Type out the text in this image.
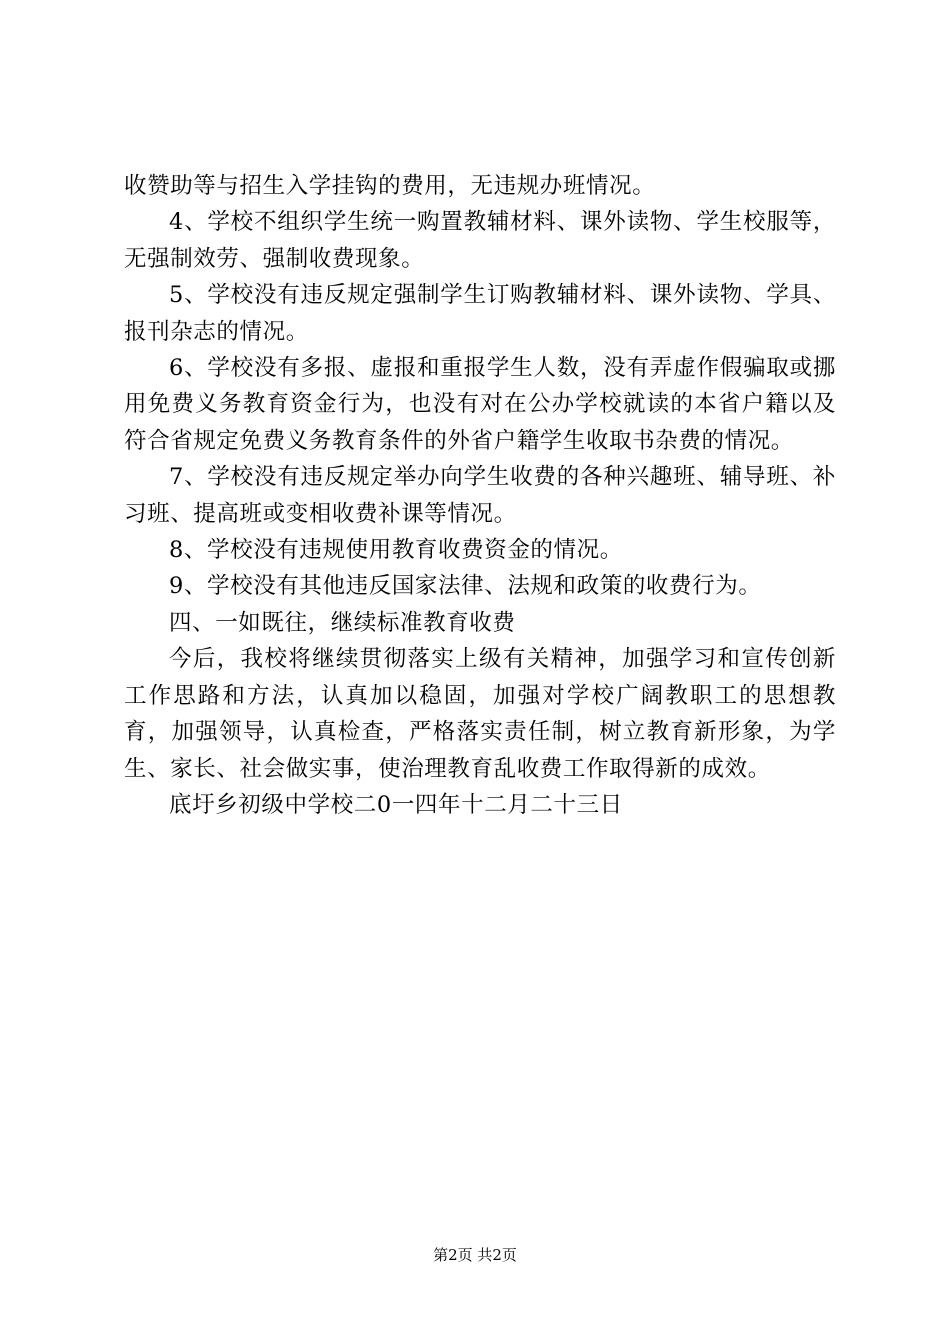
收赞助等与招生入学挂钩的费用，无违规办班情况。

4、学校不组织学生统一购置教辅材料、课外读物、学生校服等，无强制效劳、强制收费现象。

5、学校没有违反规定强制学生订购教辅材料、课外读物、学具、报刊杂志的情况。

6、学校没有多报、虚报和重报学生人数，没有弄虚作假骗取或挪用免费义务教育资金行为，也没有对在公办学校就读的本省户籍以及符合省规定免费义务教育条件的外省户籍学生收取书杂费的情况。

7、学校没有违反规定举办向学生收费的各种兴趣班、辅导班、补习班、提高班或变相收费补课等情况。

8、学校没有违规使用教育收费资金的情况。

9、学校没有其他违反国家法律、法规和政策的收费行为。

四、一如既往，继续标准教育收费

今后，我校将继续贯彻落实上级有关精神，加强学习和宣传创新工作思路和方法，认真加以稳固，加强对学校广阔教职工的思想教育，加强领导，认真检查，严格落实责任制，树立教育新形象，为学生、家长、社会做实事，使治理教育乱收费工作取得新的成效。

底圩乡初级中学校二0一四年十二月二十三日

第2页 共2页
